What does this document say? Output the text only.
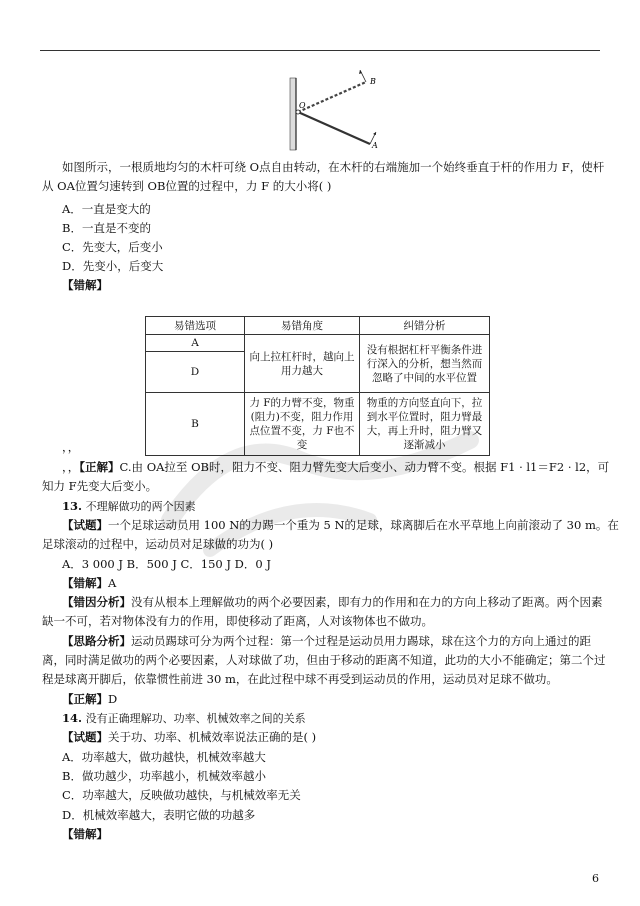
B
O
A
如图所示，一根质地均匀的木杆可绕 O点自由转动，在木杆的右端施加一个始终垂直于杆的作用力 F，使杆
从 OA位置匀速转到 OB位置的过程中，力 F 的大小将( )
A．一直是变大的
B．一直是不变的
C．先变大，后变小
D．先变小，后变大
【错解】
易错选项	易错角度	纠错分析
A	向上拉杠杆时，越向上用力越大	没有根据杠杆平衡条件进行深入的分析，想当然而忽略了中间的水平位置
D		
B	力 F的力臂不变，物重(阻力)不变，阻力作用点位置不变，力 F也不变	物重的方向竖直向下，拉到水平位置时，阻力臂最大，再上升时，阻力臂又逐渐减小
，，
，，【正解】C.由 OA拉至 OB时，阻力不变、阻力臂先变大后变小、动力臂不变。根据 F1 · l1＝F2 · l2，可
知力 F先变大后变小。
13. 不理解做功的两个因素
【试题】一个足球运动员用 100 N的力踢一个重为 5 N的足球，球离脚后在水平草地上向前滚动了 30 m。在
足球滚动的过程中，运动员对足球做的功为( )
A．3 000 J B．500 J C．150 J D．0 J
【错解】A
【错因分析】没有从根本上理解做功的两个必要因素，即有力的作用和在力的方向上移动了距离。两个因素
缺一不可，若对物体没有力的作用，即使移动了距离，人对该物体也不做功。
【思路分析】运动员踢球可分为两个过程：第一个过程是运动员用力踢球，球在这个力的方向上通过的距
离，同时满足做功的两个必要因素，人对球做了功，但由于移动的距离不知道，此功的大小不能确定；第二个过
程是球离开脚后，依靠惯性前进 30 m，在此过程中球不再受到运动员的作用，运动员对足球不做功。
【正解】D
14. 没有正确理解功、功率、机械效率之间的关系
【试题】关于功、功率、机械效率说法正确的是( )
A．功率越大，做功越快，机械效率越大
B．做功越少，功率越小，机械效率越小
C．功率越大，反映做功越快，与机械效率无关
D．机械效率越大，表明它做的功越多
【错解】
6
